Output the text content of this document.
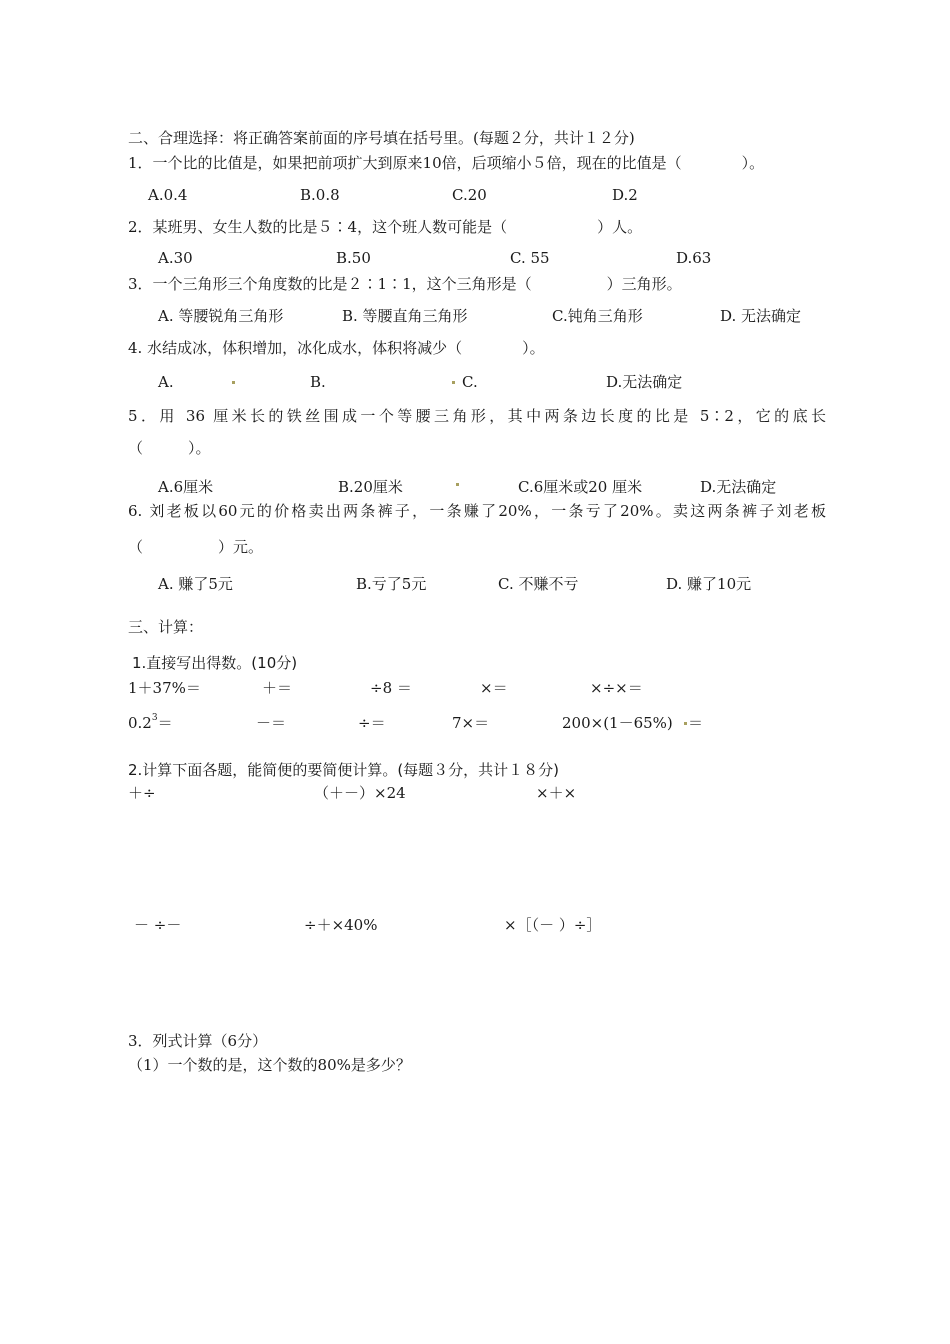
二、合理选择：将正确答案前面的序号填在括号里。(每题２分，共计１２分)
1．一个比的比值是，如果把前项扩大到原来10倍，后项缩小５倍，现在的比值是（　　　　）。
A.0.4	B.0.8	C.20	D.2
2．某班男、女生人数的比是５∶4，这个班人数可能是（　　　　　　）人。
A.30	B.50	C. 55	D.63
3．一个三角形三个角度数的比是２∶1∶1，这个三角形是（　　　　　）三角形。
A. 等腰锐角三角形	B. 等腰直角三角形	C.钝角三角形	D. 无法确定
4. 水结成冰，体积增加，冰化成水，体积将减少（　　　　）。
A.	B.	C.	D.无法确定
5．用 36 厘米长的铁丝围成一个等腰三角形，其中两条边长度的比是 5∶2，它的底长
（　　　）。
A.6厘米	B.20厘米	C.6厘米或20 厘米	D.无法确定
6. 刘老板以60元的价格卖出两条裤子，一条赚了20%，一条亏了20%。卖这两条裤子刘老板
（　　　　　）元。
A. 赚了5元	B.亏了5元	C. 不赚不亏	D. 赚了10元
三、计算：
1.直接写出得数。(10分)
1＋37%＝	＋＝	÷8 ＝	×＝	×÷×＝
$0.2^3=$	－＝	÷＝	7×＝	200×(1－65%) ＝
2.计算下面各题，能简便的要简便计算。(每题３分，共计１８分)
＋÷	（＋－）×24	×＋×
－ ÷－	÷＋×40%	×［（－ ）÷］
3．列式计算（6分）
（1）一个数的是，这个数的80%是多少？
